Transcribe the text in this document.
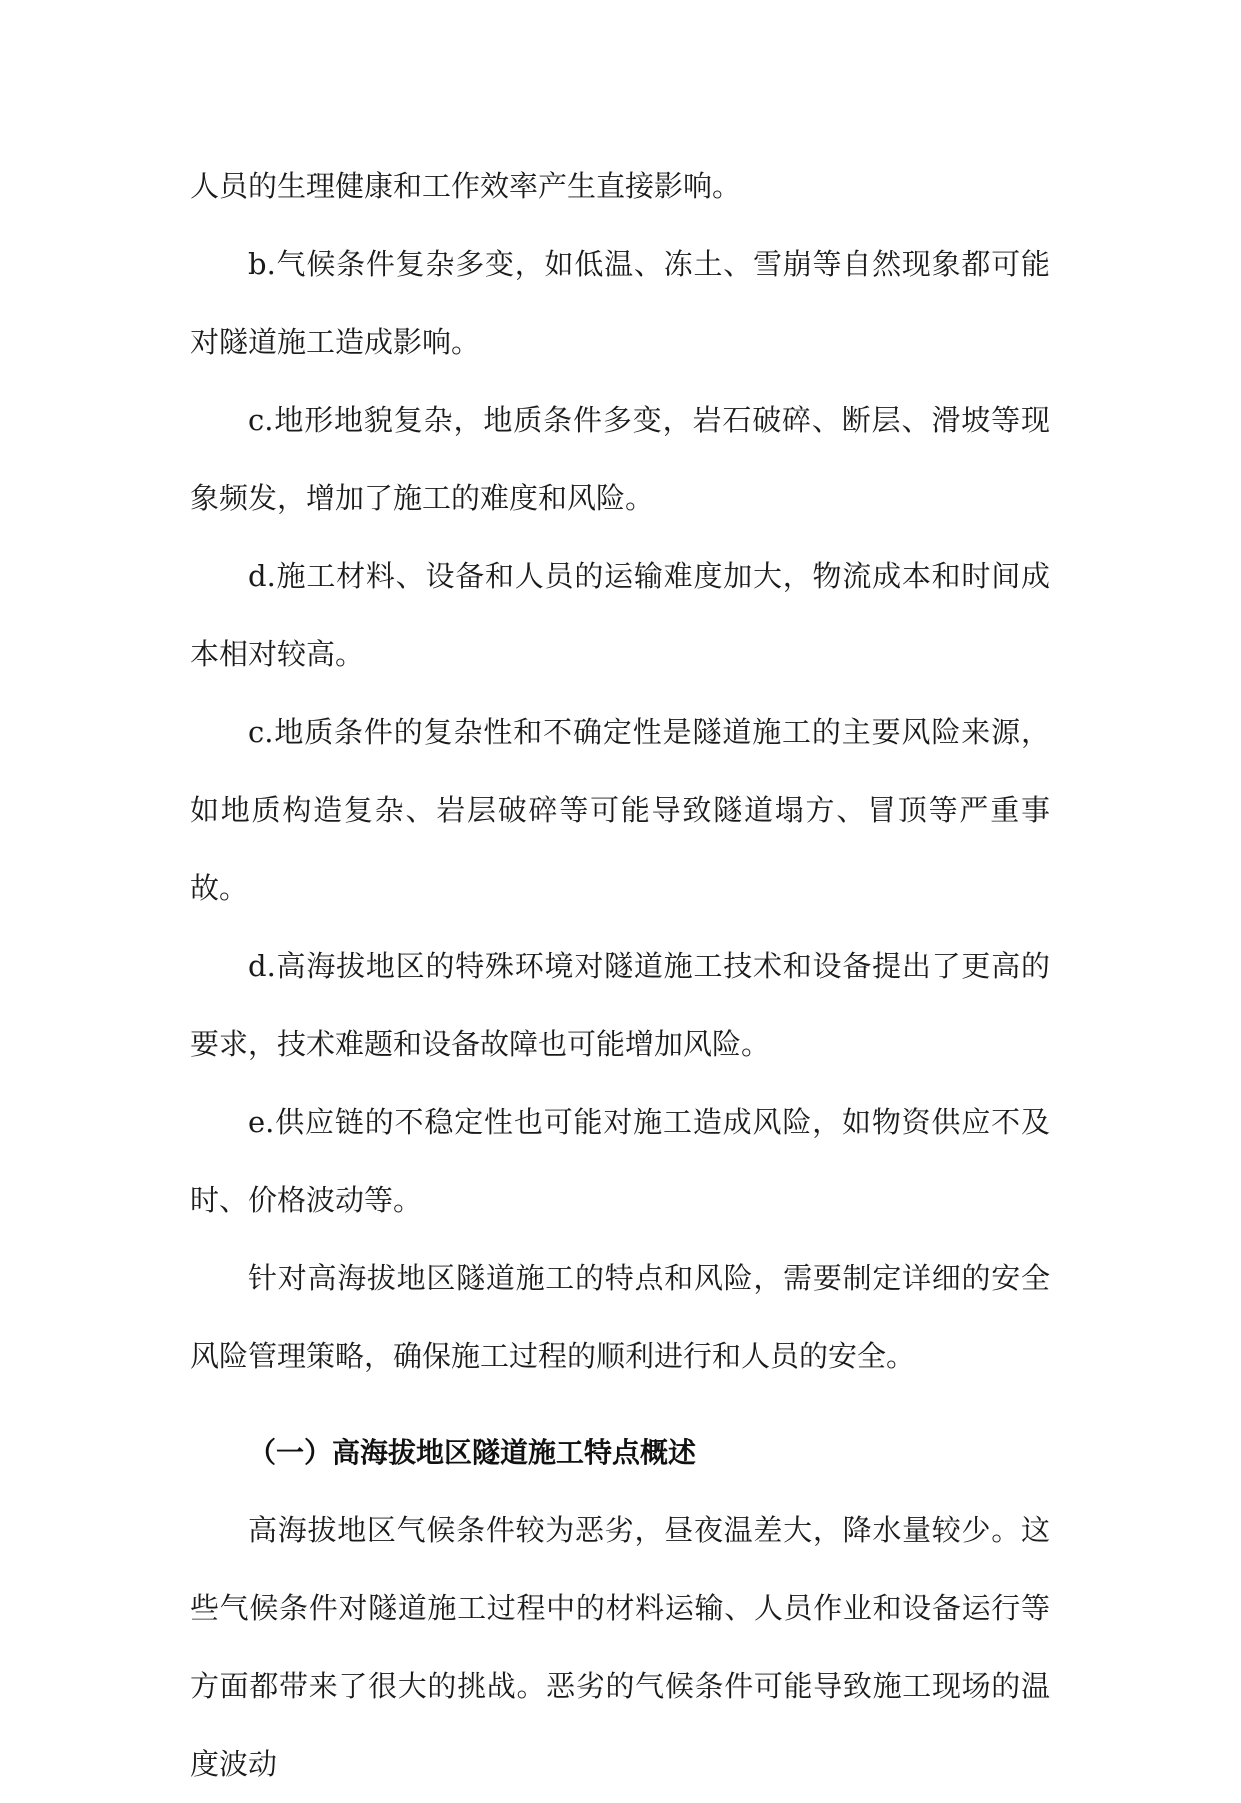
人员的生理健康和工作效率产生直接影响。

b.气候条件复杂多变，如低温、冻土、雪崩等自然现象都可能对隧道施工造成影响。

c.地形地貌复杂，地质条件多变，岩石破碎、断层、滑坡等现象频发，增加了施工的难度和风险。

d.施工材料、设备和人员的运输难度加大，物流成本和时间成本相对较高。

c.地质条件的复杂性和不确定性是隧道施工的主要风险来源，如地质构造复杂、岩层破碎等可能导致隧道塌方、冒顶等严重事故。

d.高海拔地区的特殊环境对隧道施工技术和设备提出了更高的要求，技术难题和设备故障也可能增加风险。

e.供应链的不稳定性也可能对施工造成风险，如物资供应不及时、价格波动等。

针对高海拔地区隧道施工的特点和风险，需要制定详细的安全风险管理策略，确保施工过程的顺利进行和人员的安全。

（一）高海拔地区隧道施工特点概述

高海拔地区气候条件较为恶劣，昼夜温差大，降水量较少。这些气候条件对隧道施工过程中的材料运输、人员作业和设备运行等方面都带来了很大的挑战。恶劣的气候条件可能导致施工现场的温度波动
